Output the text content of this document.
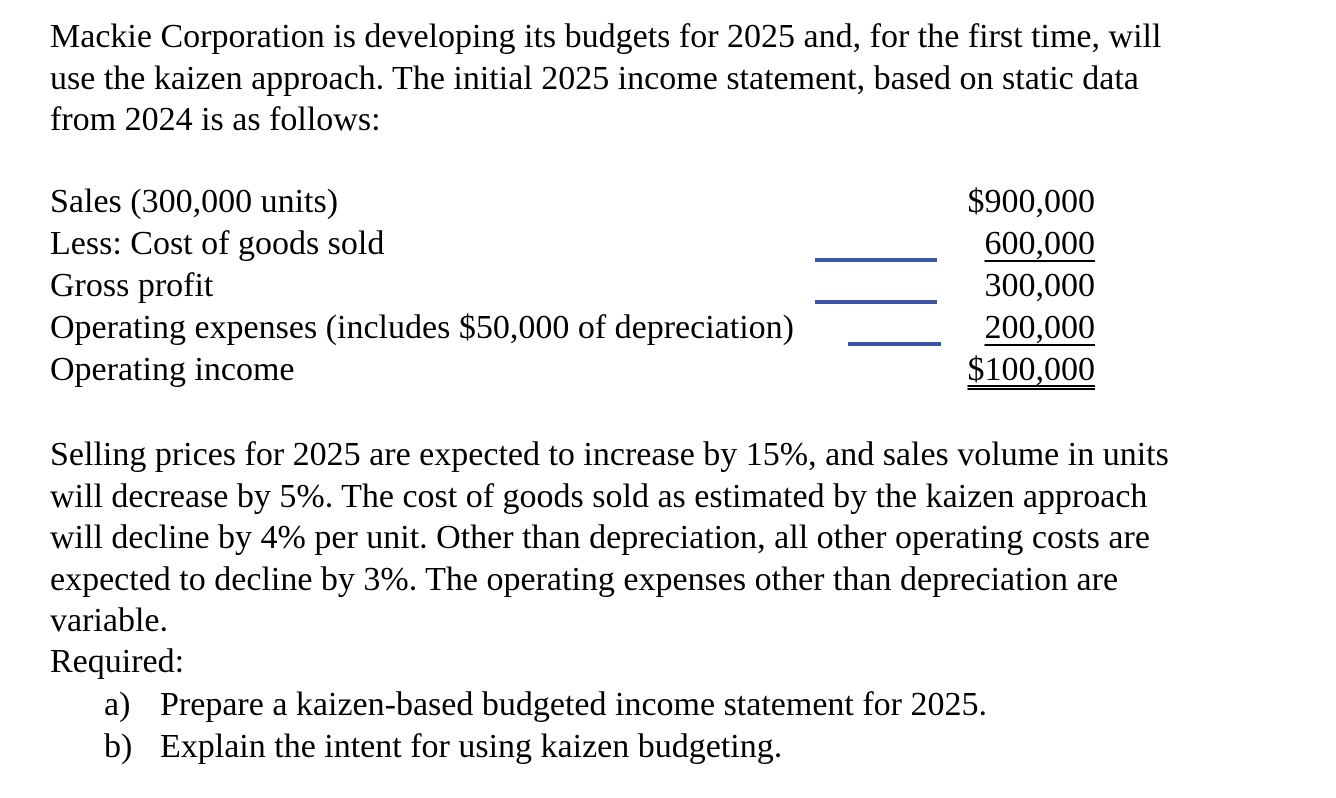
Mackie Corporation is developing its budgets for 2025 and, for the first time, will
use the kaizen approach. The initial 2025 income statement, based on static data
from 2024 is as follows:

Sales (300,000 units)	$900,000
Less: Cost of goods sold	600,000
Gross profit	300,000
Operating expenses (includes $50,000 of depreciation)	200,000
Operating income	$100,000

Selling prices for 2025 are expected to increase by 15%, and sales volume in units
will decrease by 5%. The cost of goods sold as estimated by the kaizen approach
will decline by 4% per unit. Other than depreciation, all other operating costs are
expected to decline by 3%. The operating expenses other than depreciation are
variable.

Required:
a) Prepare a kaizen-based budgeted income statement for 2025.
b) Explain the intent for using kaizen budgeting.
